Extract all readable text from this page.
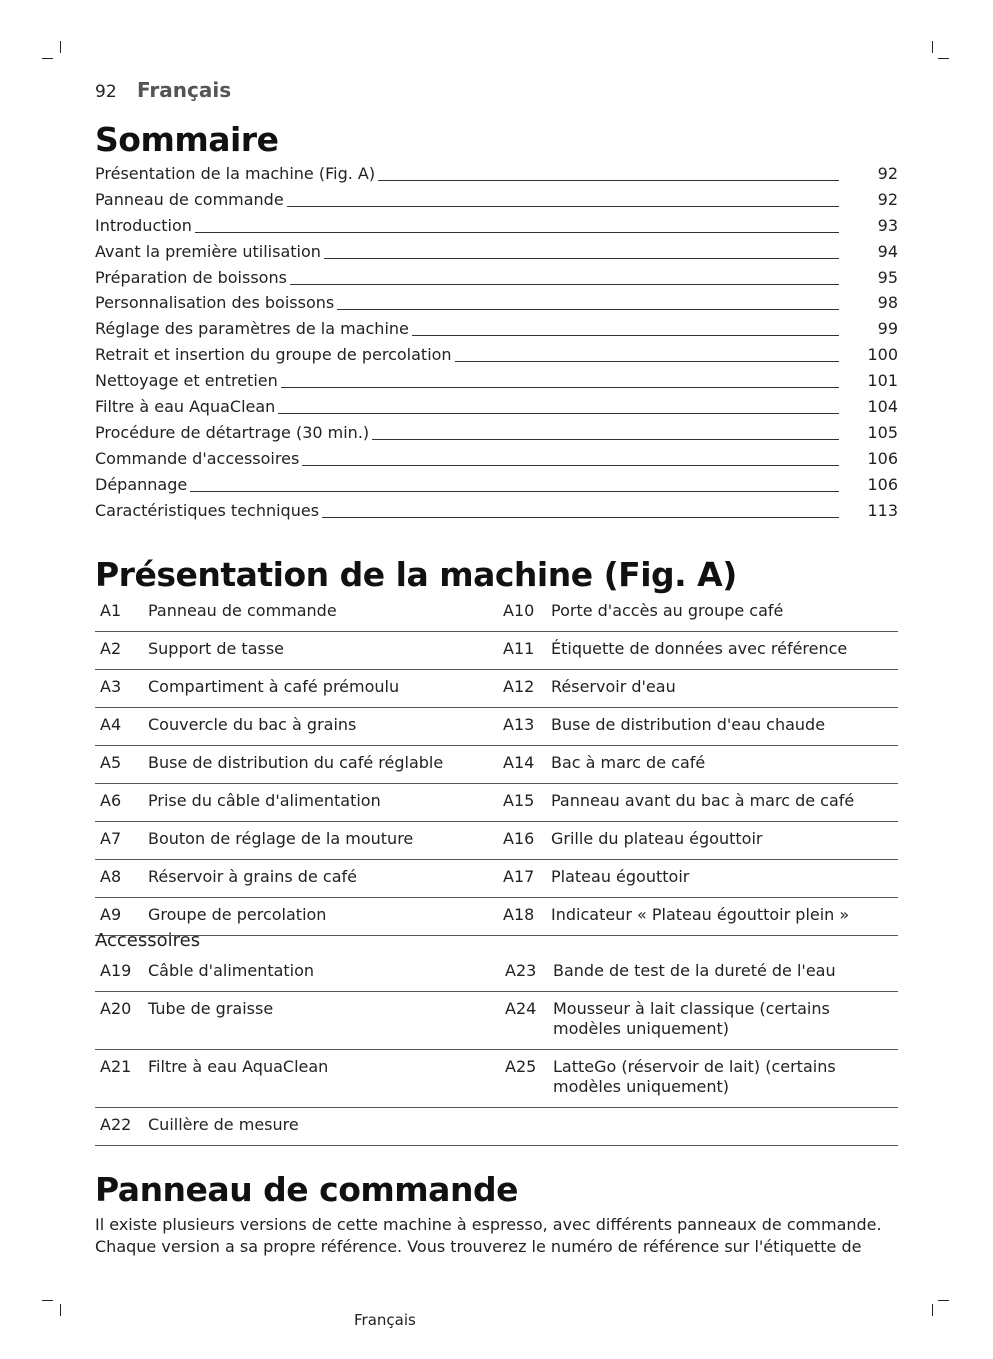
92	Français
Sommaire
Présentation de la machine (Fig. A)	92
Panneau de commande	92
Introduction	93
Avant la première utilisation	94
Préparation de boissons	95
Personnalisation des boissons	98
Réglage des paramètres de la machine	99
Retrait et insertion du groupe de percolation	100
Nettoyage et entretien	101
Filtre à eau AquaClean	104
Procédure de détartrage (30 min.)	105
Commande d'accessoires	106
Dépannage	106
Caractéristiques techniques	113
Présentation de la machine (Fig. A)
A1	Panneau de commande	A10	Porte d'accès au groupe café
A2	Support de tasse	A11	Étiquette de données avec référence
A3	Compartiment à café prémoulu	A12	Réservoir d'eau
A4	Couvercle du bac à grains	A13	Buse de distribution d'eau chaude
A5	Buse de distribution du café réglable	A14	Bac à marc de café
A6	Prise du câble d'alimentation	A15	Panneau avant du bac à marc de café
A7	Bouton de réglage de la mouture	A16	Grille du plateau égouttoir
A8	Réservoir à grains de café	A17	Plateau égouttoir
A9	Groupe de percolation	A18	Indicateur « Plateau égouttoir plein »
Accessoires
A19	Câble d'alimentation	A23	Bande de test de la dureté de l'eau
A20	Tube de graisse	A24	Mousseur à lait classique (certains modèles uniquement)
A21	Filtre à eau AquaClean	A25	LatteGo (réservoir de lait) (certains modèles uniquement)
A22	Cuillère de mesure		
Panneau de commande

Il existe plusieurs versions de cette machine à espresso, avec différents panneaux de commande. Chaque version a sa propre référence. Vous trouverez le numéro de référence sur l'étiquette de

Français
